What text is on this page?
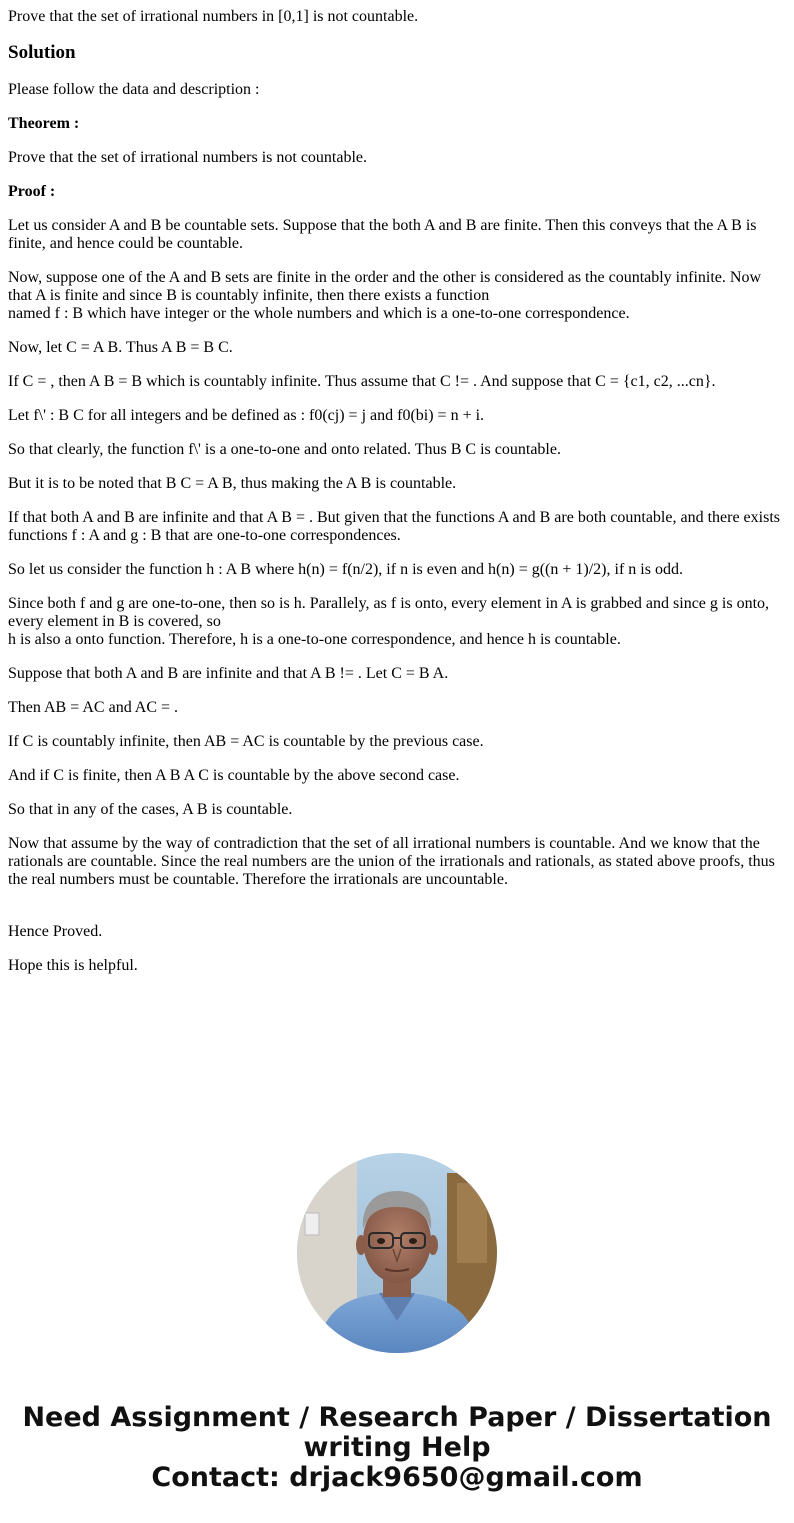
Prove that the set of irrational numbers in [0,1] is not countable.

Solution

Please follow the data and description :

Theorem :

Prove that the set of irrational numbers is not countable.

Proof :

Let us consider A and B be countable sets. Suppose that the both A and B are finite. Then this conveys that the A B is finite, and hence could be countable.

Now, suppose one of the A and B sets are finite in the order and the other is considered as the countably infinite. Now that A is finite and since B is countably infinite, then there exists a function
named f : B which have integer or the whole numbers and which is a one-to-one correspondence.

Now, let C = A B. Thus A B = B C.

If C = , then A B = B which is countably infinite. Thus assume that C != . And suppose that C = {c1, c2, ...cn}.

Let f\' : B C for all integers and be defined as : f0(cj) = j and f0(bi) = n + i.

So that clearly, the function f\' is a one-to-one and onto related. Thus B C is countable.

But it is to be noted that B C = A B, thus making the A B is countable.

If that both A and B are infinite and that A B = . But given that the functions A and B are both countable, and there exists functions f : A and g : B that are one-to-one correspondences.

So let us consider the function h : A B where h(n) = f(n/2), if n is even and h(n) = g((n + 1)/2), if n is odd.

Since both f and g are one-to-one, then so is h. Parallely, as f is onto, every element in A is grabbed and since g is onto, every element in B is covered, so
h is also a onto function. Therefore, h is a one-to-one correspondence, and hence h is countable.

Suppose that both A and B are infinite and that A B != . Let C = B A.

Then AB = AC and AC = .

If C is countably infinite, then AB = AC is countable by the previous case.

And if C is finite, then A B A C is countable by the above second case.

So that in any of the cases, A B is countable.

Now that assume by the way of contradiction that the set of all irrational numbers is countable. And we know that the rationals are countable. Since the real numbers are the union of the irrationals and rationals, as stated above proofs, thus the real numbers must be countable. Therefore the irrationals are uncountable.

Hence Proved.

Hope this is helpful.

Need Assignment / Research Paper / Dissertation
writing Help
Contact: drjack9650@gmail.com
